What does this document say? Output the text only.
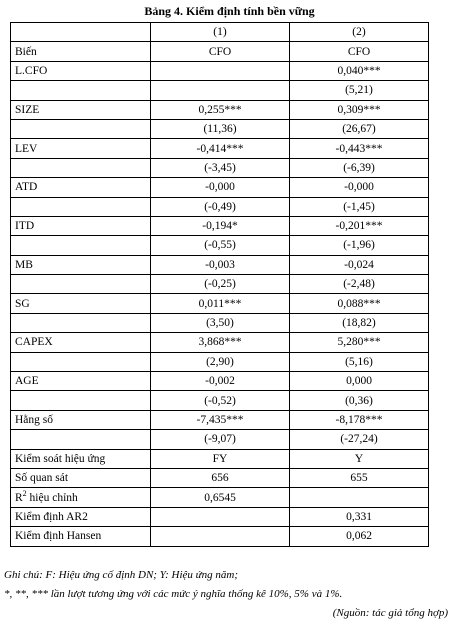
Bảng 4. Kiểm định tính bền vững
	(1)	(2)
Biến	CFO	CFO
L.CFO		0,040***
		(5,21)
SIZE	0,255***	0,309***
	(11,36)	(26,67)
LEV	-0,414***	-0,443***
	(-3,45)	(-6,39)
ATD	-0,000	-0,000
	(-0,49)	(-1,45)
ITD	-0,194*	-0,201***
	(-0,55)	(-1,96)
MB	-0,003	-0,024
	(-0,25)	(-2,48)
SG	0,011***	0,088***
	(3,50)	(18,82)
CAPEX	3,868***	5,280***
	(2,90)	(5,16)
AGE	-0,002	0,000
	(-0,52)	(0,36)
Hằng số	-7,435***	-8,178***
	(-9,07)	(-27,24)
Kiểm soát hiệu ứng	FY	Y
Số quan sát	656	655
$R^2$ hiệu chỉnh	0,6545	
Kiểm định AR2		0,331
Kiểm định Hansen		0,062
Ghi chú: F: Hiệu ứng cố định DN; Y: Hiệu ứng năm;
*, **, *** lần lượt tương ứng với các mức ý nghĩa thống kê 10%, 5% và 1%.
(Nguồn: tác giả tổng hợp)
